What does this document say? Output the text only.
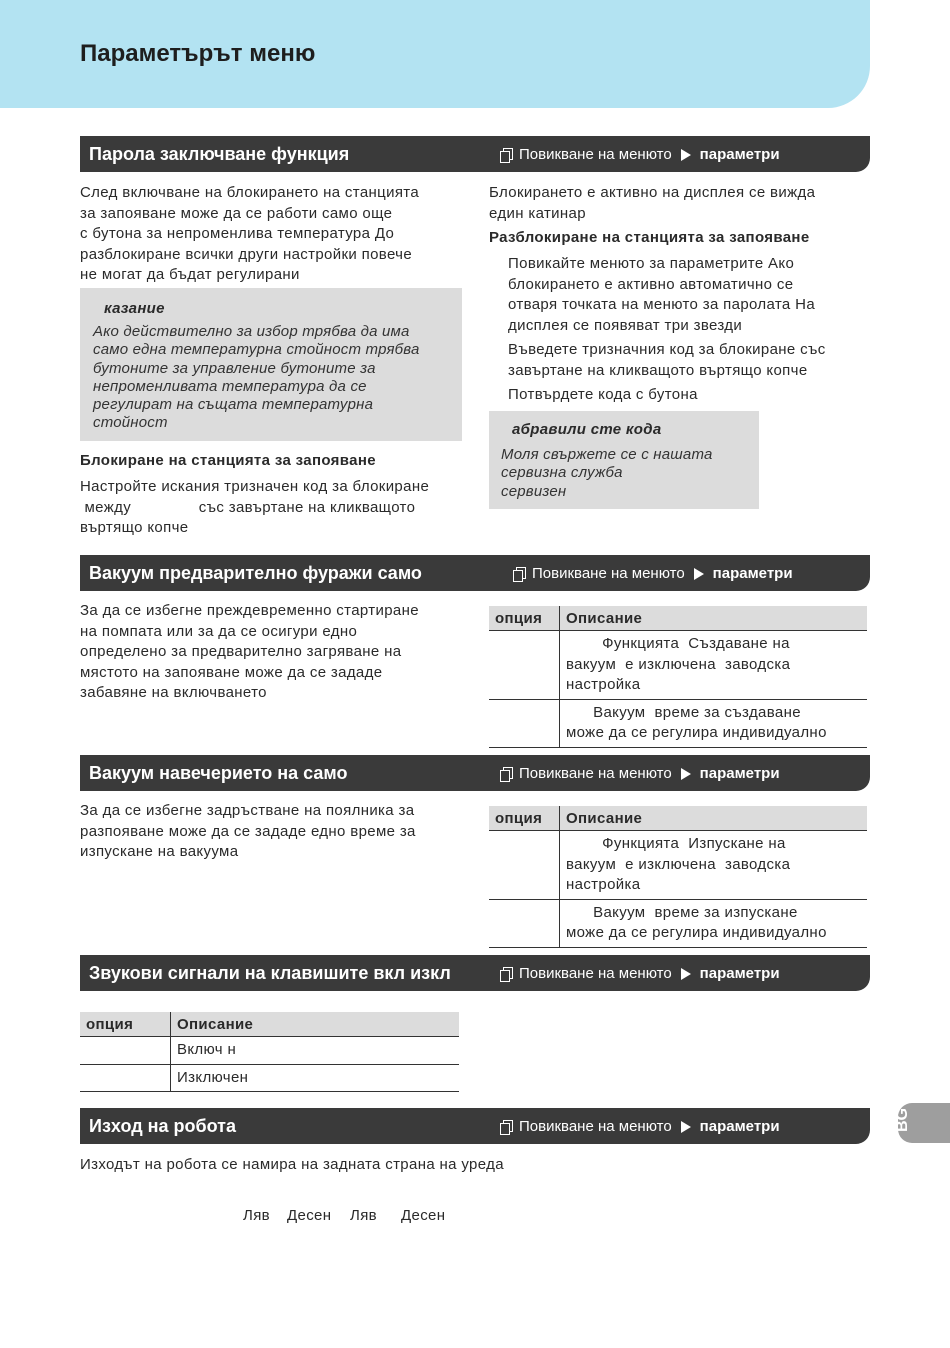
Параметърът меню
Парола заключване функция	Повикване на менюто параметри
След включване на блокирането на станцията
за запояване може да се работи само още
с бутона за непроменлива температура До
разблокиране всички други настройки повече
не могат да бъдат регулирани
казание
Ако действително за избор трябва да има
само една температурна стойност трябва
бутоните за управление бутоните за
непроменливата температура да се
регулират на същата температурна
стойност
Блокиране на станцията за запояване
Настройте искания тризначен код за блокиране
между               със завъртане на кликващото
въртящо копче
Блокирането е активно на дисплея се вижда
един катинар
Разблокиране на станцията за запояване
Повикайте менюто за параметрите Ако
блокирането е активно автоматично се
отваря точката на менюто за паролата На
дисплея се появяват три звезди
Въведете тризначния код за блокиране със
завъртане на кликващото въртящо копче
Потвърдете кода с бутона
абравили сте кода
Моля свържете се с нашата
сервизна служба
сервизен
Вакуум предварително фуражи само	Повикване на менюто параметри
За да се избегне преждевременно стартиране
на помпата или за да се осигури едно
определено за предварително загряване на
мястото на запояване може да се зададе
забавяне на включването
опция	Описание

	Функцията  Създаване на
вакуум  е изключена  заводска
настройка

	Вакуум  време за създаване
може да се регулира индивидуално
Вакуум навечерието на само	Повикване на менюто параметри
За да се избегне задръстване на поялника за
разпояване може да се зададе едно време за
изпускане на вакуума
опция	Описание

	Функцията  Изпускане на
вакуум  е изключена  заводска
настройка

	Вакуум  време за изпускане
може да се регулира индивидуално
Звукови сигнали на клавишите вкл изкл	Повикване на менюто параметри
опция	Описание
	Включ н
	Изключен
Изход на робота	Повикване на менюто параметри
Изходът на робота се намира на задната страна на уреда
Ляв Десен Ляв Десен
BG
